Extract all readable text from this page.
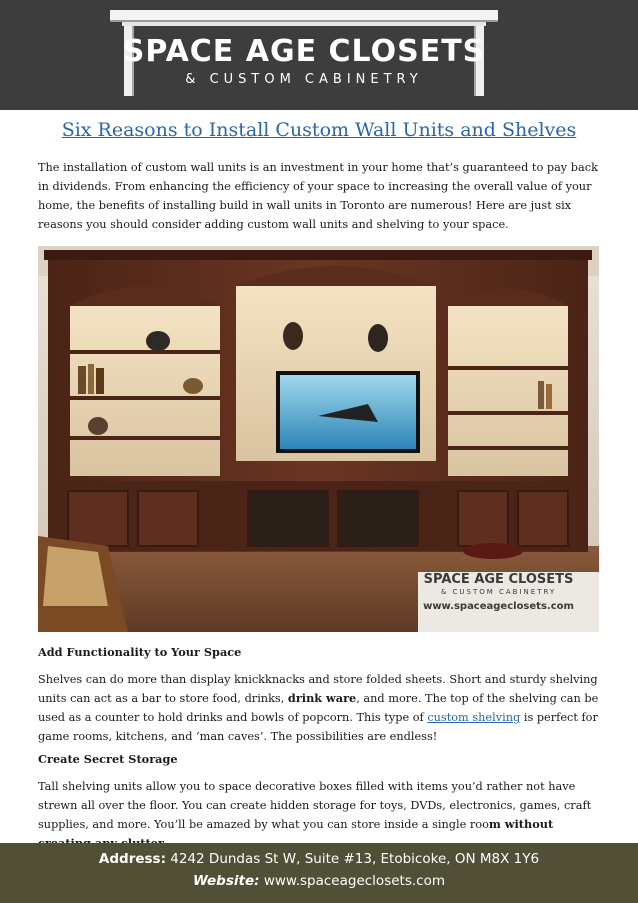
SPACE AGE CLOSETS
& CUSTOM CABINETRY
Six Reasons to Install Custom Wall Units and Shelves
The installation of custom wall units is an investment in your home that’s guaranteed to pay back in dividends. From enhancing the efficiency of your space to increasing the overall value of your home, the benefits of installing build in wall units in Toronto are numerous! Here are just six reasons you should consider adding custom wall units and shelving to your space.
SPACE AGE CLOSETS
& CUSTOM CABINETRY
www.spaceageclosets.com
Add Functionality to Your Space
Shelves can do more than display knickknacks and store folded sheets. Short and sturdy shelving units can act as a bar to store food, drinks, drink ware, and more. The top of the shelving can be used as a counter to hold drinks and bowls of popcorn. This type of custom shelving is perfect for game rooms, kitchens, and ‘man caves’. The possibilities are endless!
Create Secret Storage
Tall shelving units allow you to space decorative boxes filled with items you’d rather not have strewn all over the floor. You can create hidden storage for toys, DVDs, electronics, games, craft supplies, and more. You’ll be amazed by what you can store inside a single room without
Address: 4242 Dundas St W, Suite #13, Etobicoke, ON M8X 1Y6
Website: www.spaceageclosets.com
